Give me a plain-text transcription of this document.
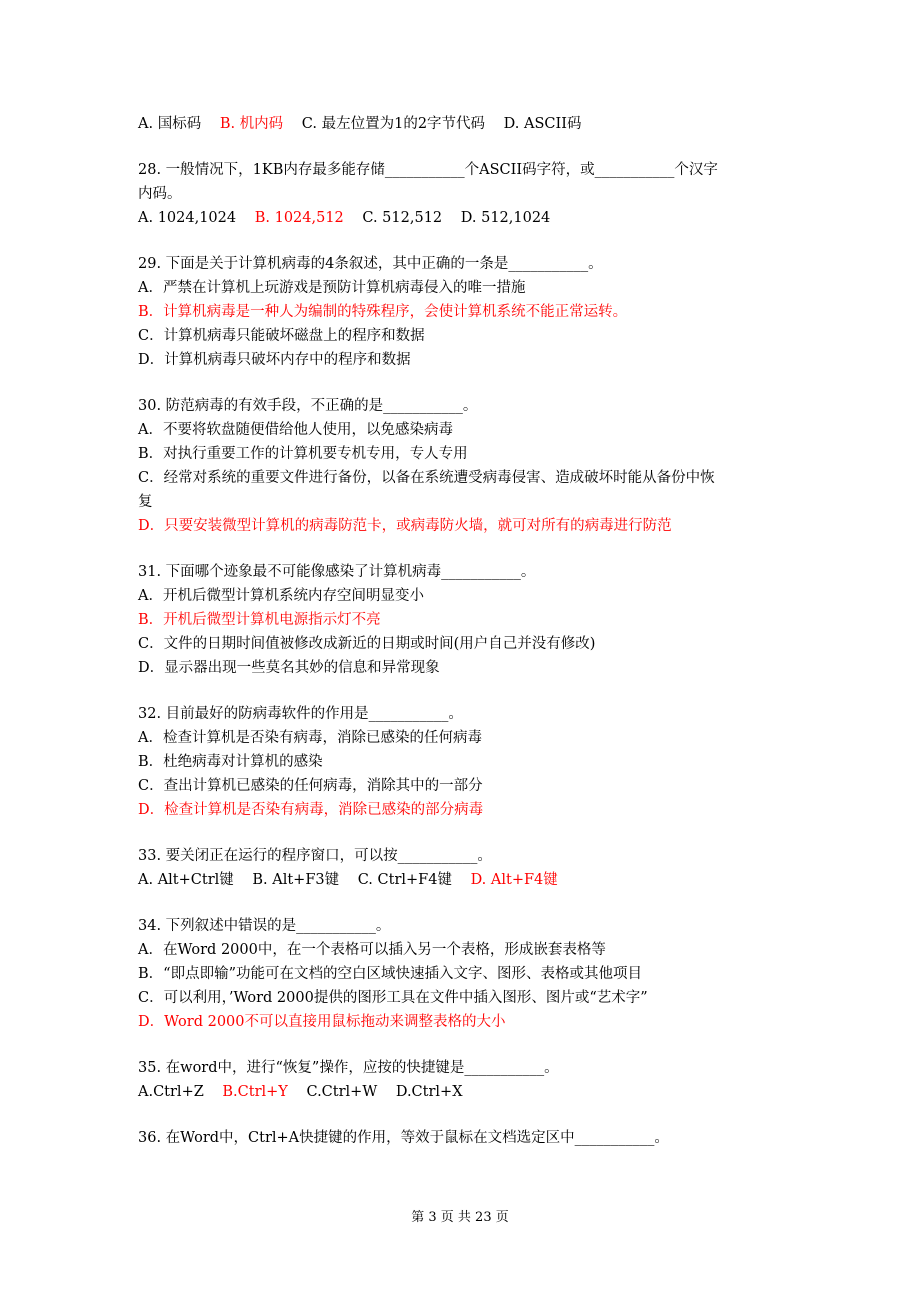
A. 国标码 B. 机内码 C. 最左位置为1的2字节代码 D. ASCII码
28. 一般情况下，1KB内存最多能存储___________个ASCII码字符，或___________个汉字
内码。
A. 1024,1024 B. 1024,512 C. 512,512 D. 512,1024
29. 下面是关于计算机病毒的4条叙述，其中正确的一条是___________。
A．严禁在计算机上玩游戏是预防计算机病毒侵入的唯一措施
B．计算机病毒是一种人为编制的特殊程序，会使计算机系统不能正常运转。
C．计算机病毒只能破坏磁盘上的程序和数据
D．计算机病毒只破坏内存中的程序和数据
30. 防范病毒的有效手段，不正确的是___________。
A．不要将软盘随便借给他人使用，以免感染病毒
B．对执行重要工作的计算机要专机专用，专人专用
C．经常对系统的重要文件进行备份，以备在系统遭受病毒侵害、造成破坏时能从备份中恢
复
D．只要安装微型计算机的病毒防范卡，或病毒防火墙，就可对所有的病毒进行防范
31. 下面哪个迹象最不可能像感染了计算机病毒___________。
A．开机后微型计算机系统内存空间明显变小
B．开机后微型计算机电源指示灯不亮
C．文件的日期时间值被修改成新近的日期或时间(用户自己并没有修改)
D．显示器出现一些莫名其妙的信息和异常现象
32. 目前最好的防病毒软件的作用是___________。
A．检查计算机是否染有病毒，消除已感染的任何病毒
B．杜绝病毒对计算机的感染
C．查出计算机已感染的任何病毒，消除其中的一部分
D．检查计算机是否染有病毒，消除已感染的部分病毒
33. 要关闭正在运行的程序窗口，可以按___________。
A. Alt+Ctrl键 B. Alt+F3键 C. Ctrl+F4键 D. Alt+F4键
34. 下列叙述中错误的是___________。
A．在Word 2000中，在一个表格可以插入另一个表格，形成嵌套表格等
B．“即点即输”功能可在文档的空白区域快速插入文字、图形、表格或其他项目
C．可以利用，’Word 2000提供的图形工具在文件中插入图形、图片或“艺术字”
D．Word 2000不可以直接用鼠标拖动来调整表格的大小
35. 在word中，进行“恢复”操作，应按的快捷键是___________。
A.Ctrl+Z B.Ctrl+Y C.Ctrl+W D.Ctrl+X
36. 在Word中，Ctrl+A快捷键的作用，等效于鼠标在文档选定区中___________。
第 3 页 共 23 页
